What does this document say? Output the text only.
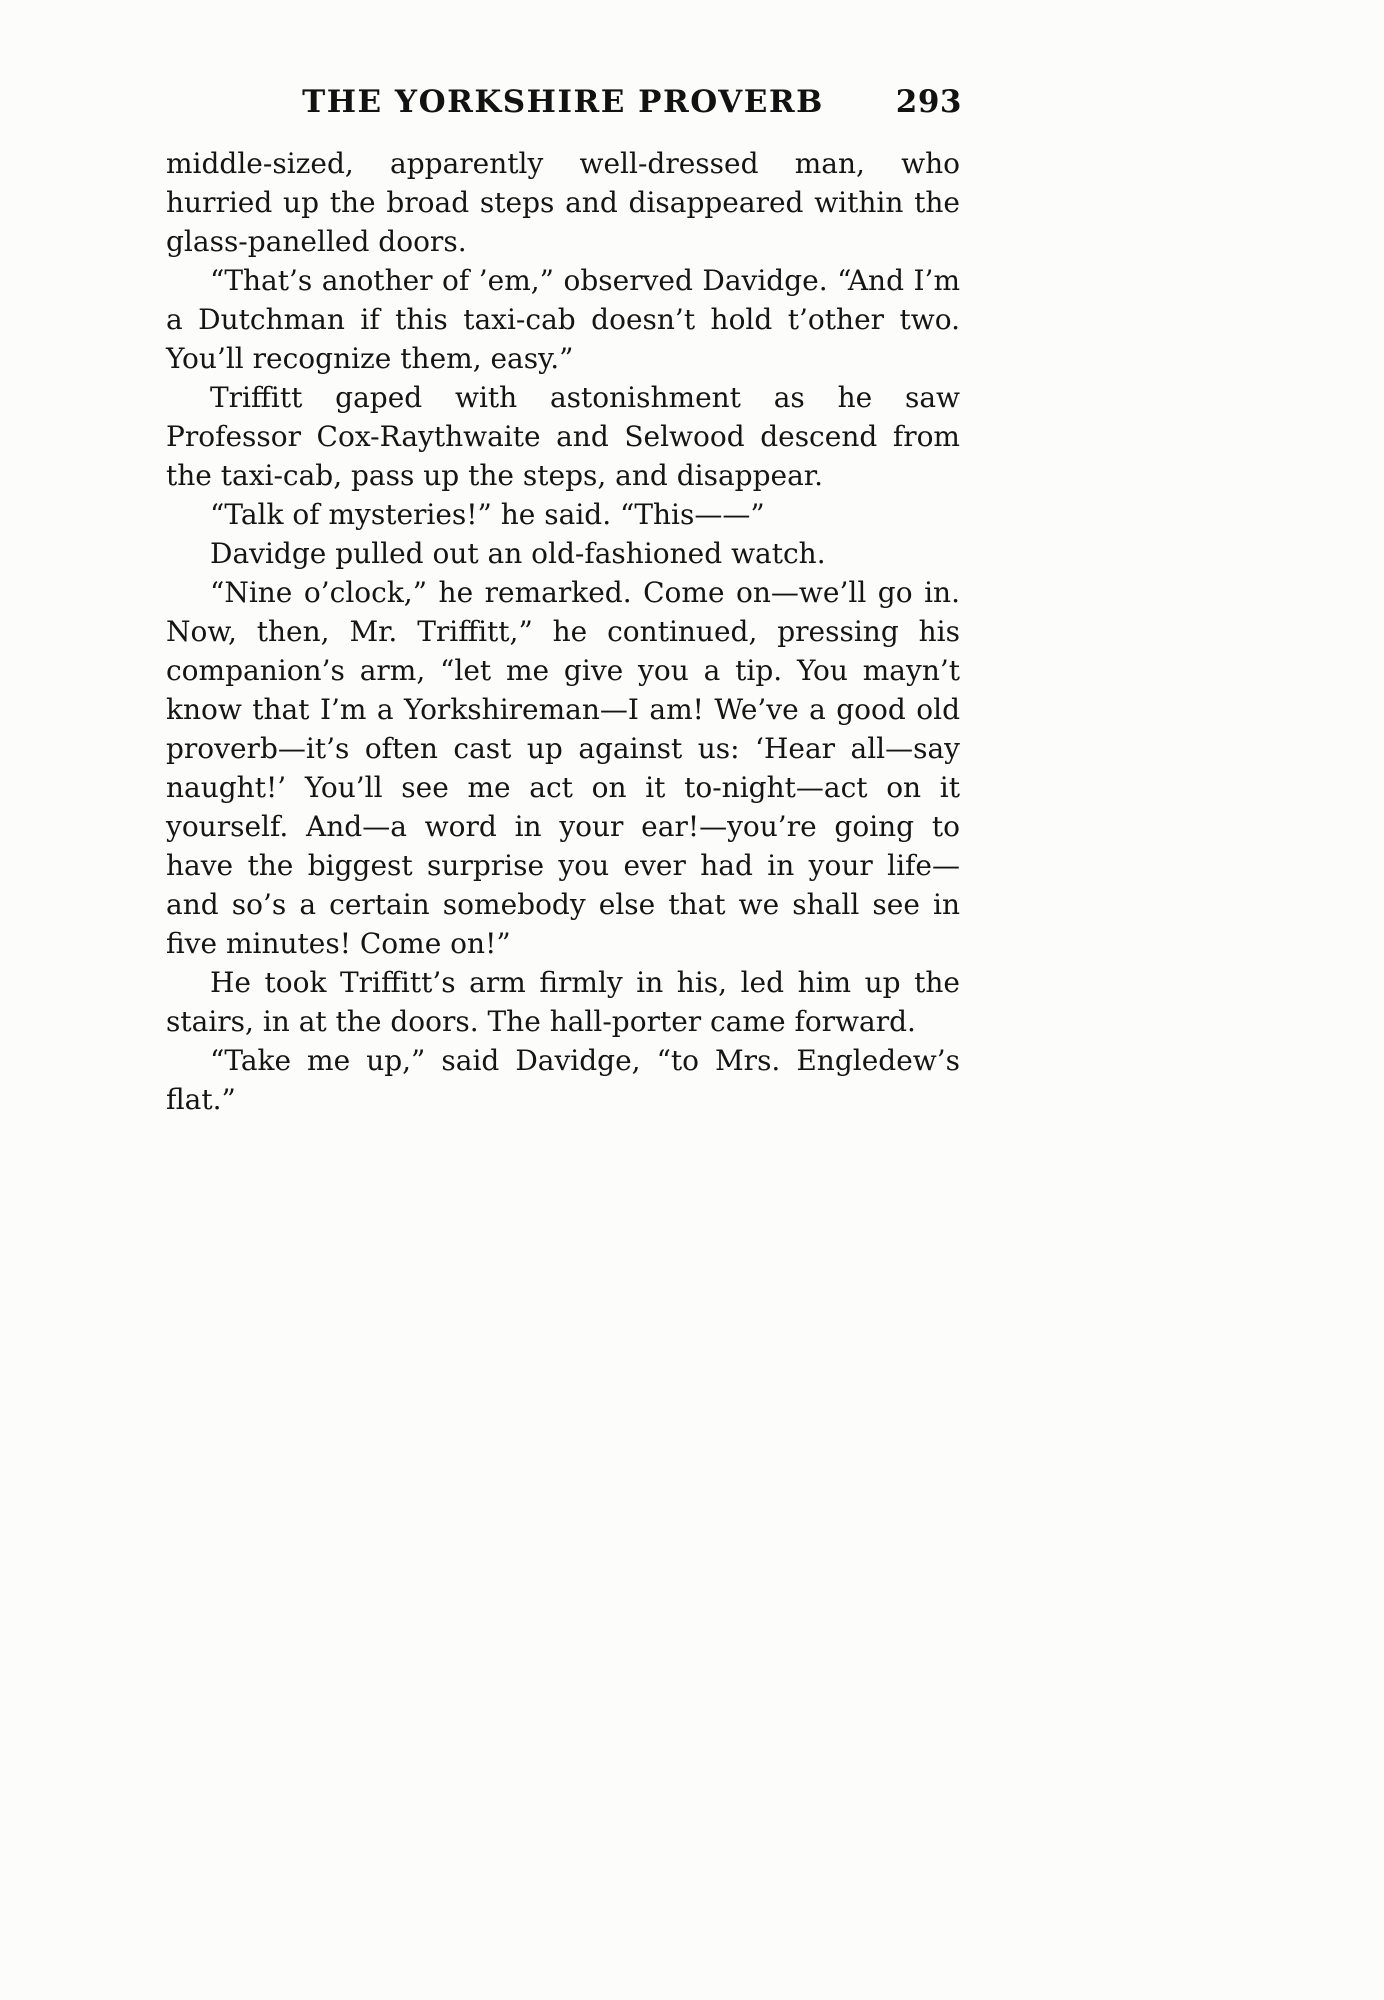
THE YORKSHIRE PROVERB 293

middle-sized, apparently well-dressed man, who hurried up the broad steps and disappeared within the glass-panelled doors.

“That’s another of ’em,” observed Davidge. “And I’m a Dutchman if this taxi-cab doesn’t hold t’other two. You’ll recognize them, easy.”

Triffitt gaped with astonishment as he saw Professor Cox-Raythwaite and Selwood descend from the taxi-cab, pass up the steps, and disappear.

“Talk of mysteries!” he said. “This——”

Davidge pulled out an old-fashioned watch.

“Nine o’clock,” he remarked. Come on—we’ll go in. Now, then, Mr. Triffitt,” he continued, pressing his companion’s arm, “let me give you a tip. You mayn’t know that I’m a Yorkshireman—I am! We’ve a good old proverb—it’s often cast up against us: ‘Hear all—say naught!’ You’ll see me act on it to-night—act on it yourself. And—a word in your ear!—you’re going to have the biggest surprise you ever had in your life—and so’s a certain somebody else that we shall see in five minutes! Come on!”

He took Triffitt’s arm firmly in his, led him up the stairs, in at the doors. The hall-porter came forward.

“Take me up,” said Davidge, “to Mrs. Engledew’s flat.”
